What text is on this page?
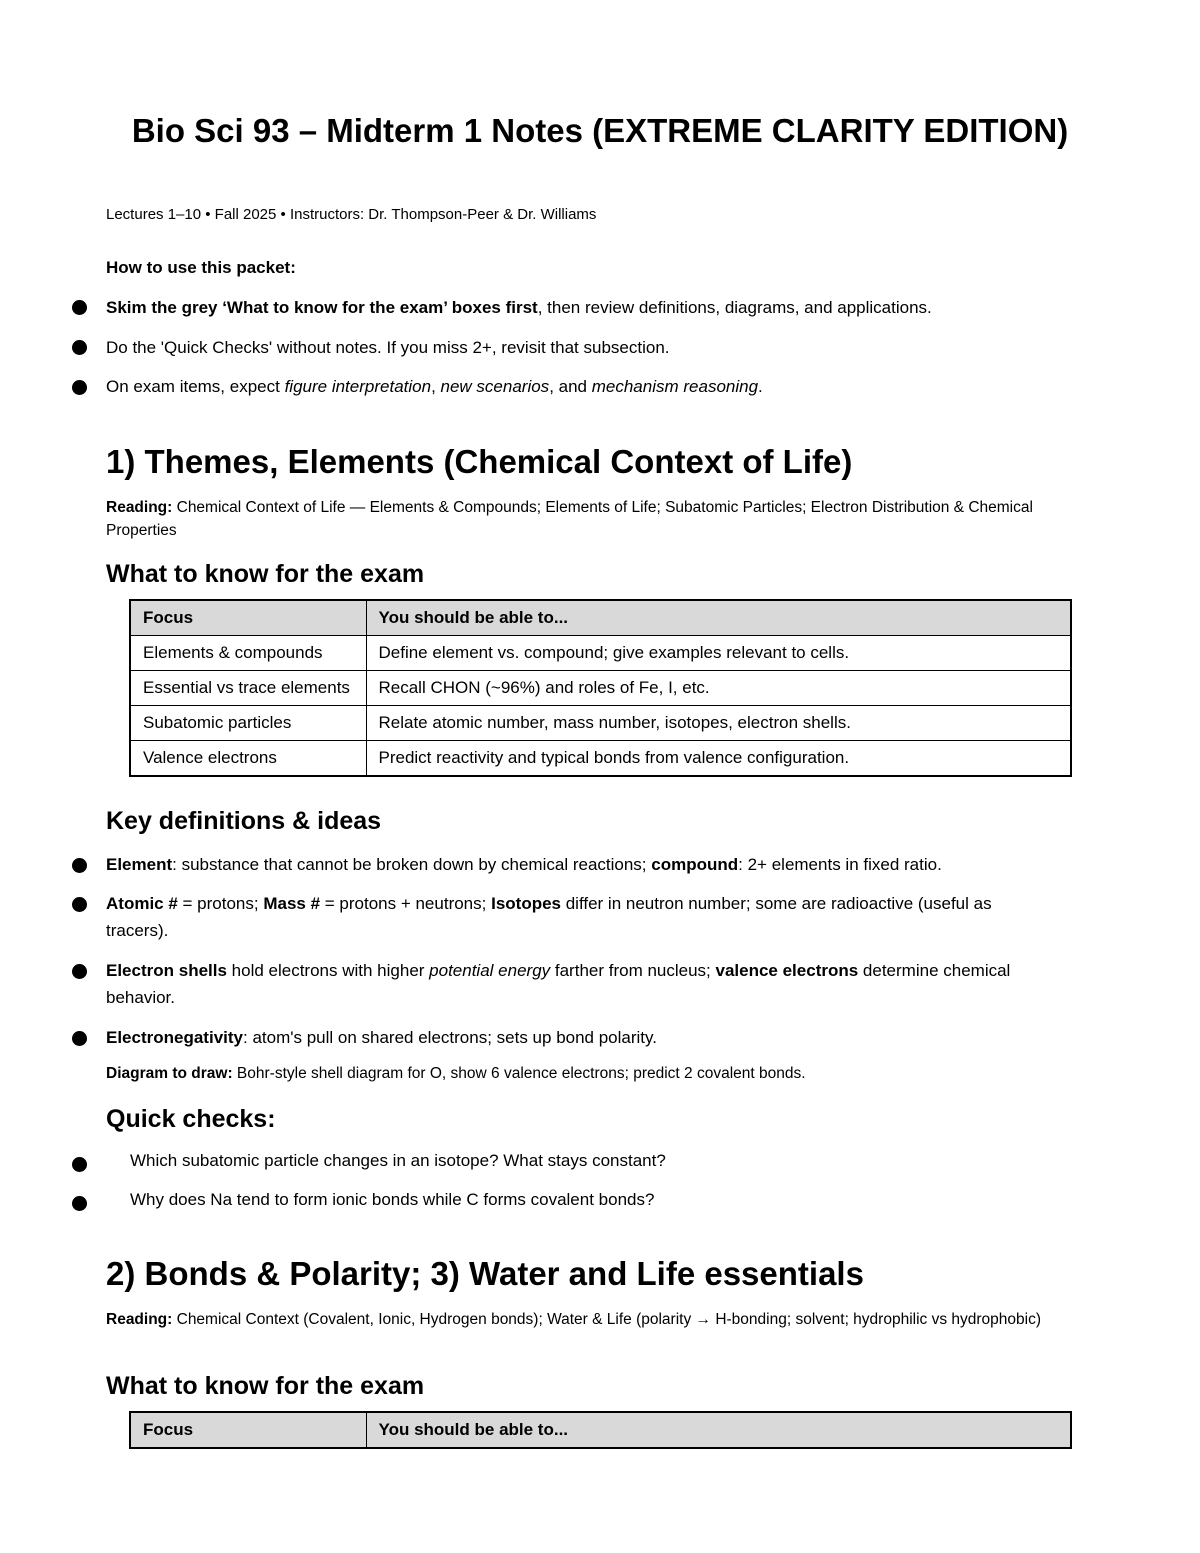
Bio Sci 93 – Midterm 1 Notes (EXTREME CLARITY EDITION)
Lectures 1–10 • Fall 2025 • Instructors: Dr. Thompson-Peer & Dr. Williams
How to use this packet:
Skim the grey ‘What to know for the exam’ boxes first, then review definitions, diagrams, and applications.
Do the 'Quick Checks' without notes. If you miss 2+, revisit that subsection.
On exam items, expect figure interpretation, new scenarios, and mechanism reasoning.
1) Themes, Elements (Chemical Context of Life)
Reading: Chemical Context of Life — Elements & Compounds; Elements of Life; Subatomic Particles; Electron Distribution & Chemical Properties
What to know for the exam
Focus	You should be able to...
Elements & compounds	Define element vs. compound; give examples relevant to cells.
Essential vs trace elements	Recall CHON (~96%) and roles of Fe, I, etc.
Subatomic particles	Relate atomic number, mass number, isotopes, electron shells.
Valence electrons	Predict reactivity and typical bonds from valence configuration.
Key definitions & ideas
Element: substance that cannot be broken down by chemical reactions; compound: 2+ elements in fixed ratio.
Atomic # = protons; Mass # = protons + neutrons; Isotopes differ in neutron number; some are radioactive (useful as tracers).
Electron shells hold electrons with higher potential energy farther from nucleus; valence electrons determine chemical behavior.
Electronegativity: atom's pull on shared electrons; sets up bond polarity.
Diagram to draw: Bohr-style shell diagram for O, show 6 valence electrons; predict 2 covalent bonds.
Quick checks:
Which subatomic particle changes in an isotope? What stays constant?
Why does Na tend to form ionic bonds while C forms covalent bonds?
2) Bonds & Polarity; 3) Water and Life essentials
Reading: Chemical Context (Covalent, Ionic, Hydrogen bonds); Water & Life (polarity → H-bonding; solvent; hydrophilic vs hydrophobic)
What to know for the exam
Focus	You should be able to...
